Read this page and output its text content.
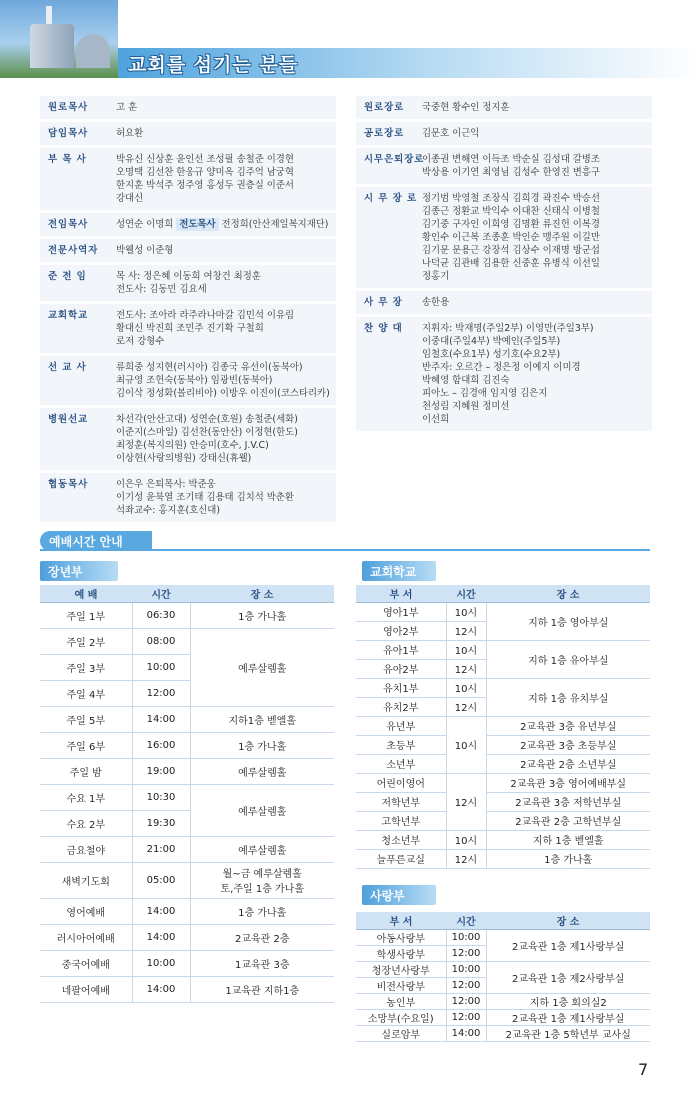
교회를 섬기는 분들
원로목사	고 훈
담임목사	허요환
부 목 사	박유신 신상훈 윤인선 조성필 송철준 이경현
오명택 김선찬 한웅규 양미옥 김주억 남궁혁
한지훈 박석주 정주영 홍성두 권층실 이준서
강대신
전임목사	성연순 이명희 전도목사 전정희(안산제일복지재단)
전문사역자	박웰성 이준형
준 전 임	목 사: 정은혜 이동희 여창건 최정훈
전도사: 김동민 김요세
교회학교	전도사: 조아라 라주라나마갈 김민석 이유림
황대신 박진희 조민주 진기확 구철희
로저 강형수
선 교 사	류희중 성지현(러시아) 김종국 유선이(동북아)
최규영 조헌숙(동북아) 임광빈(동북아)
김이삭 정성화(볼리비아) 이방우 이진이(코스타리카)
병원선교	차선각(안산고대) 성연순(호원) 송철준(세화)
이준지(스마일) 김선찬(동안산) 이정현(한도)
최정훈(복지의원) 안승미(호수, J.V.C)
이상현(사랑의병원) 강태신(휴웰)
협동목사	이은우 은퇴목사: 박준웅
이기성 윤북열 조기태 김용태 김치석 박춘환
석좌교수: 홍지훈(호신대)
원로장로	국중현 황수인 정지훈
공로장로	김문호 이근익
시무은퇴장로
이종권 변해연 이득조 박순실 김성대 갈병조
박상용 이기연 최영님 김성수 한영진 변흥구
시 무 장 로 정기범 박영철 조장식 김희경 곽진수 박승선
김종근 정환교 박익수 이대찬 신태식 이병철
김기중 구자인 이희영 김명환 류진헌 이복경
황인수 이근복 조종훈 박인순 맹주원 이길만
김기문 문용근 강장석 김상수 이재명 방군섭
나덕균 김관배 김용한 신중훈 유병식 이선일
정홍기
사 무 장	송한용
찬 양 대	지휘자: 박재명(주일2부) 이영만(주일3부)
이중대(주일4부) 박예인(주일5부)
임철호(수요1부) 성기호(수요2부)
반주자: 오르간 – 정은정 이예지 이미경
박혜영 함대희 김진숙
피아노 – 김경애 임지영 김은지
천성림 지혜원 정미선
이선희
예배시간 안내
장년부
예 배	시간	장 소
주일 1부	06:30	1층 가나홀
주일 2부	08:00	예루살렘홀
주일 3부	10:00	
주일 4부	12:00	
주일 5부	14:00	지하1층 벧엘홀
주일 6부	16:00	1층 가나홀
주일 밤	19:00	예루살렘홀
수요 1부	10:30	예루살렘홀
수요 2부	19:30	
금요철야	21:00	예루살렘홀
새벽기도회	05:00	월~금 예루살렘홀
토,주일 1층 가나홀
영어예배	14:00	1층 가나홀
러시아어예배	14:00	2교육관 2층
중국어예배	10:00	1교육관 3층
네팔어예배	14:00	1교육관 지하1층
교회학교
부 서	시간	장 소
영아1부	10시	지하 1층 영아부실
영아2부	12시	
유아1부	10시	지하 1층 유아부실
유아2부	12시	
유치1부	10시	지하 1층 유치부실
유치2부	12시	
유년부	10시	2교육관 3층 유년부실
초등부		2교육관 3층 초등부실
소년부		2교육관 2층 소년부실
어린이영어	12시	2교육관 3층 영어예배부실
저학년부		2교육관 3층 저학년부실
고학년부		2교육관 2층 고학년부실
청소년부	10시	지하 1층 벧엘홀
늘푸른교실	12시	1층 가나홀
사랑부
부 서	시간	장 소
아동사랑부	10:00	2교육관 1층 제1사랑부실
학생사랑부	12:00	
청장년사랑부	10:00	2교육관 1층 제2사랑부실
비전사랑부	12:00	
농인부	12:00	지하 1층 회의실2
소망부(수요일)	12:00	2교육관 1층 제1사랑부실
실로암부	14:00	2교육관 1층 5학년부 교사실
7
